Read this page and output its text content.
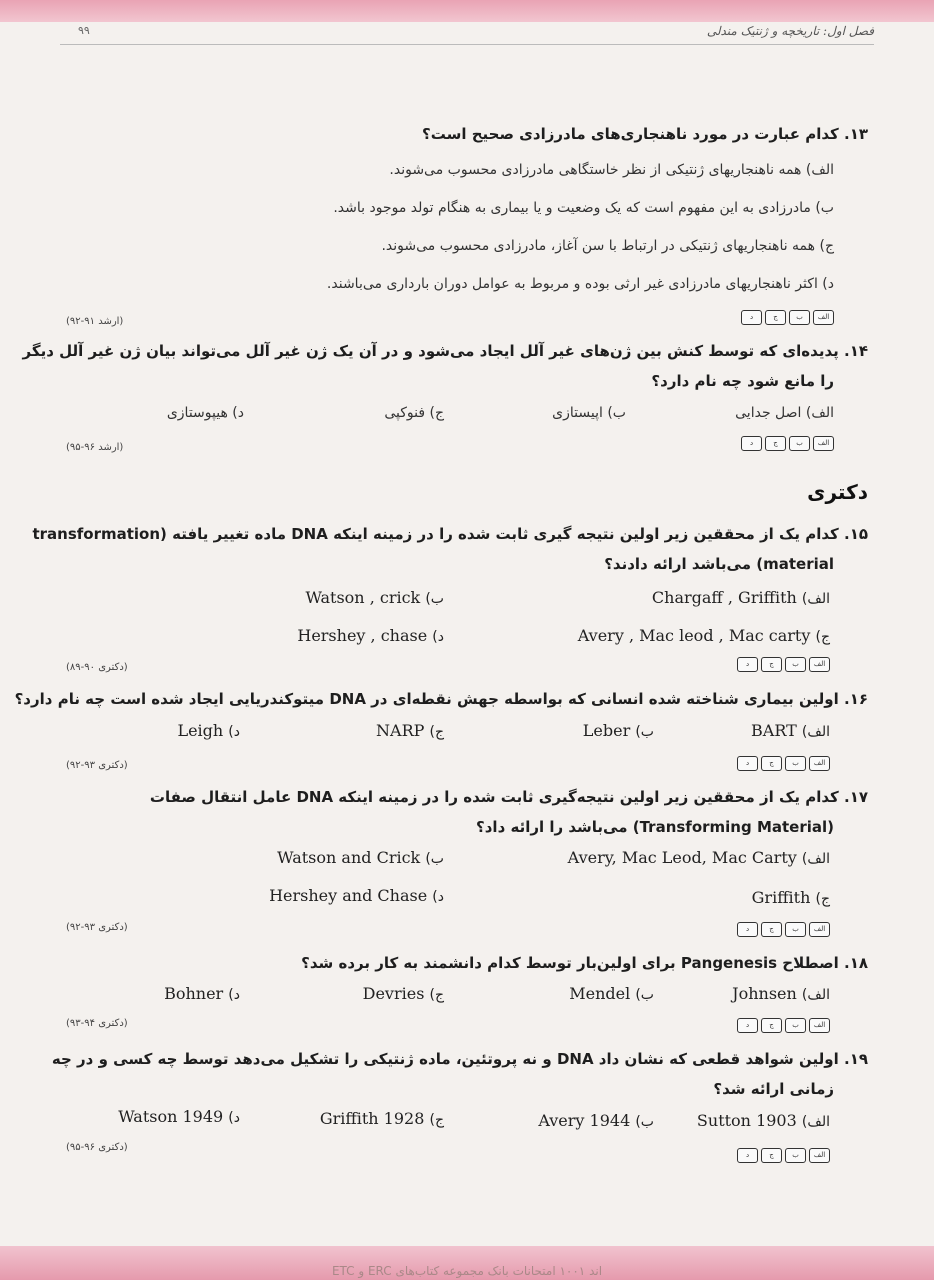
فصل اول: تاریخچه و ژنتیک مندلی
۹۹
۱۳. کدام عبارت در مورد ناهنجاری‌های مادرزادی صحیح است؟
الف) همه ناهنجاریهای ژنتیکی از نظر خاستگاهی مادرزادی محسوب می‌شوند.
ب) مادرزادی به این مفهوم است که یک وضعیت و یا بیماری به هنگام تولد موجود باشد.
ج) همه ناهنجاریهای ژنتیکی در ارتباط با سن آغاز، مادرزادی محسوب می‌شوند.
د) اکثر ناهنجاریهای مادرزادی غیر ارثی بوده و مربوط به عوامل دوران بارداری می‌باشند.
(ارشد ۹۱-۹۲)	الف
ب
ج
د
۱۴. پدیده‌ای که توسط کنش بین ژن‌های غیر آلل ایجاد می‌شود و در آن یک ژن غیر آلل می‌تواند بیان ژن غیر آلل دیگر
را مانع شود چه نام دارد؟
الف) اصل جدایی
ب) اپیستازی
ج) فنوکپی
د) هیپوستازی
(ارشد ۹۶-۹۵)	الف
ب
ج
د
دکتری
۱۵. کدام یک از محققین زیر اولین نتیجه گیری ثابت شده را در زمینه اینکه DNA ماده تغییر یافته (transformation
material) می‌باشد ارائه دادند؟
الف) Chargaff , Griffith
ب) Watson , crick
ج) Avery , Mac leod , Mac carty
د) Hershey , chase
(دکتری ۹۰-۸۹)	الف
ب
ج
د
۱۶. اولین بیماری شناخته شده انسانی که بواسطه جهش نقطه‌ای در DNA میتوکندریایی ایجاد شده است چه نام دارد؟
الف) BART
ب) Leber
ج) NARP
د) Leigh
(دکتری ۹۳-۹۲)	الف
ب
ج
د
۱۷. کدام یک از محققین زیر اولین نتیجه‌گیری ثابت شده را در زمینه اینکه DNA عامل انتقال صفات
(Transforming Material) می‌باشد را ارائه داد؟
الف) Avery, Mac Leod, Mac Carty
ب) Watson and Crick
ج) Griffith
د) Hershey and Chase
(دکتری ۹۳-۹۲)	الف
ب
ج
د
۱۸. اصطلاح Pangenesis برای اولین‌بار توسط کدام دانشمند به کار برده شد؟
الف) Johnsen
ب) Mendel
ج) Devries
د) Bohner
(دکتری ۹۴-۹۳)	الف
ب
ج
د
۱۹. اولین شواهد قطعی که نشان داد DNA و نه پروتئین، ماده ژنتیکی را تشکیل می‌دهد توسط چه کسی و در چه
زمانی ارائه شد؟
الف) Sutton 1903
ب) Avery 1944
ج) Griffith 1928
د) Watson 1949
(دکتری ۹۶-۹۵)
الف
ب
ج
د
اند ۱۰۰۱ امتحانات بانک مجموعه کتاب‌های ERC و ETC
